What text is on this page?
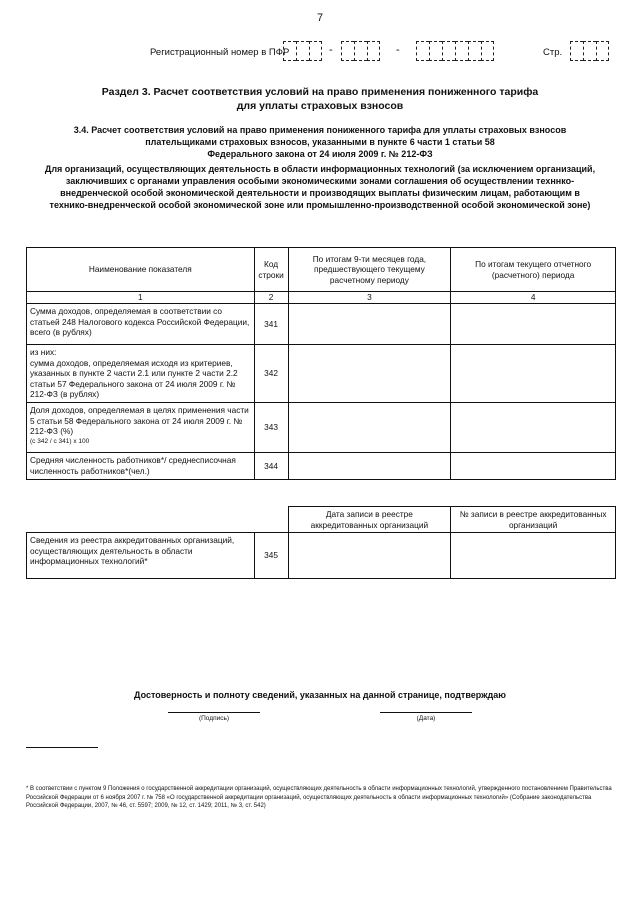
7
Регистрационный номер в ПФР	-	-	Стр.
Раздел 3. Расчет соответствия условий на право применения пониженного тарифа
для уплаты страховых взносов
3.4. Расчет соответствия условий на право применения пониженного тарифа для уплаты страховых взносов
плательщиками страховых взносов, указанными в пункте 6 части 1 статьи 58
Федерального закона от 24 июля 2009 г. № 212-ФЗ
Для организаций, осуществляющих деятельность в области информационных технологий (за исключением организаций, заключивших с органами управления особыми экономическими зонами соглашения об осуществлении техннко-внедренческой особой экономической деятельности и производящих выплаты физическим лицам, работающим в технико-внедренческой особой экономической зоне или промышленно-производственной особой экономической зоне)
Наименование показателя	Код строки	По итогам 9-ти месяцев года, предшествующего текущему расчетному периоду	По итогам текущего отчетного (расчетного) периода
1	2	3	4
Сумма доходов, определяемая в соответствии со статьей 248 Налогового кодекса Российской Федерации, всего (в рублях)	341		
из них:
сумма доходов, определяемая исходя из критериев, указанных в пункте 2 части 2.1 или пункте 2 части 2.2 статьи 57 Федерального закона от 24 июля 2009 г. № 212-ФЗ (в рублях)	342		

Доля доходов, определяемая в целях применения части 5 статьи 58 Федерального закона от 24 июля 2009 г. № 212-ФЗ (%)
(с 342 / с 341) х 100	343		
Средняя численность работников*/ среднесписочная численность работников*(чел.)	344		
		Дата записи в реестре аккредитованных организаций	№ записи в реестре аккредитованных организаций
Сведения из реестра аккредитованных организаций, осуществляющих деятельность в области информационных технологий*	345		
Достоверность и полноту сведений, указанных на данной странице, подтверждаю
(Подпись)	(Дата)
* В соответствии с пунктом 9 Положения о государственной аккредитации организаций, осуществляющих деятельность в области информационных технологий, утвержденного постановлением Правительства Российской Федерации от 6 ноября 2007 г. № 758 «О государственной аккредитации организаций, осуществляющих деятельность в области информационных технологий» (Собрание законодательства Российской Федерации, 2007, № 46, ст. 5597; 2009, № 12, ст. 1429; 2011, № 3, ст. 542)
